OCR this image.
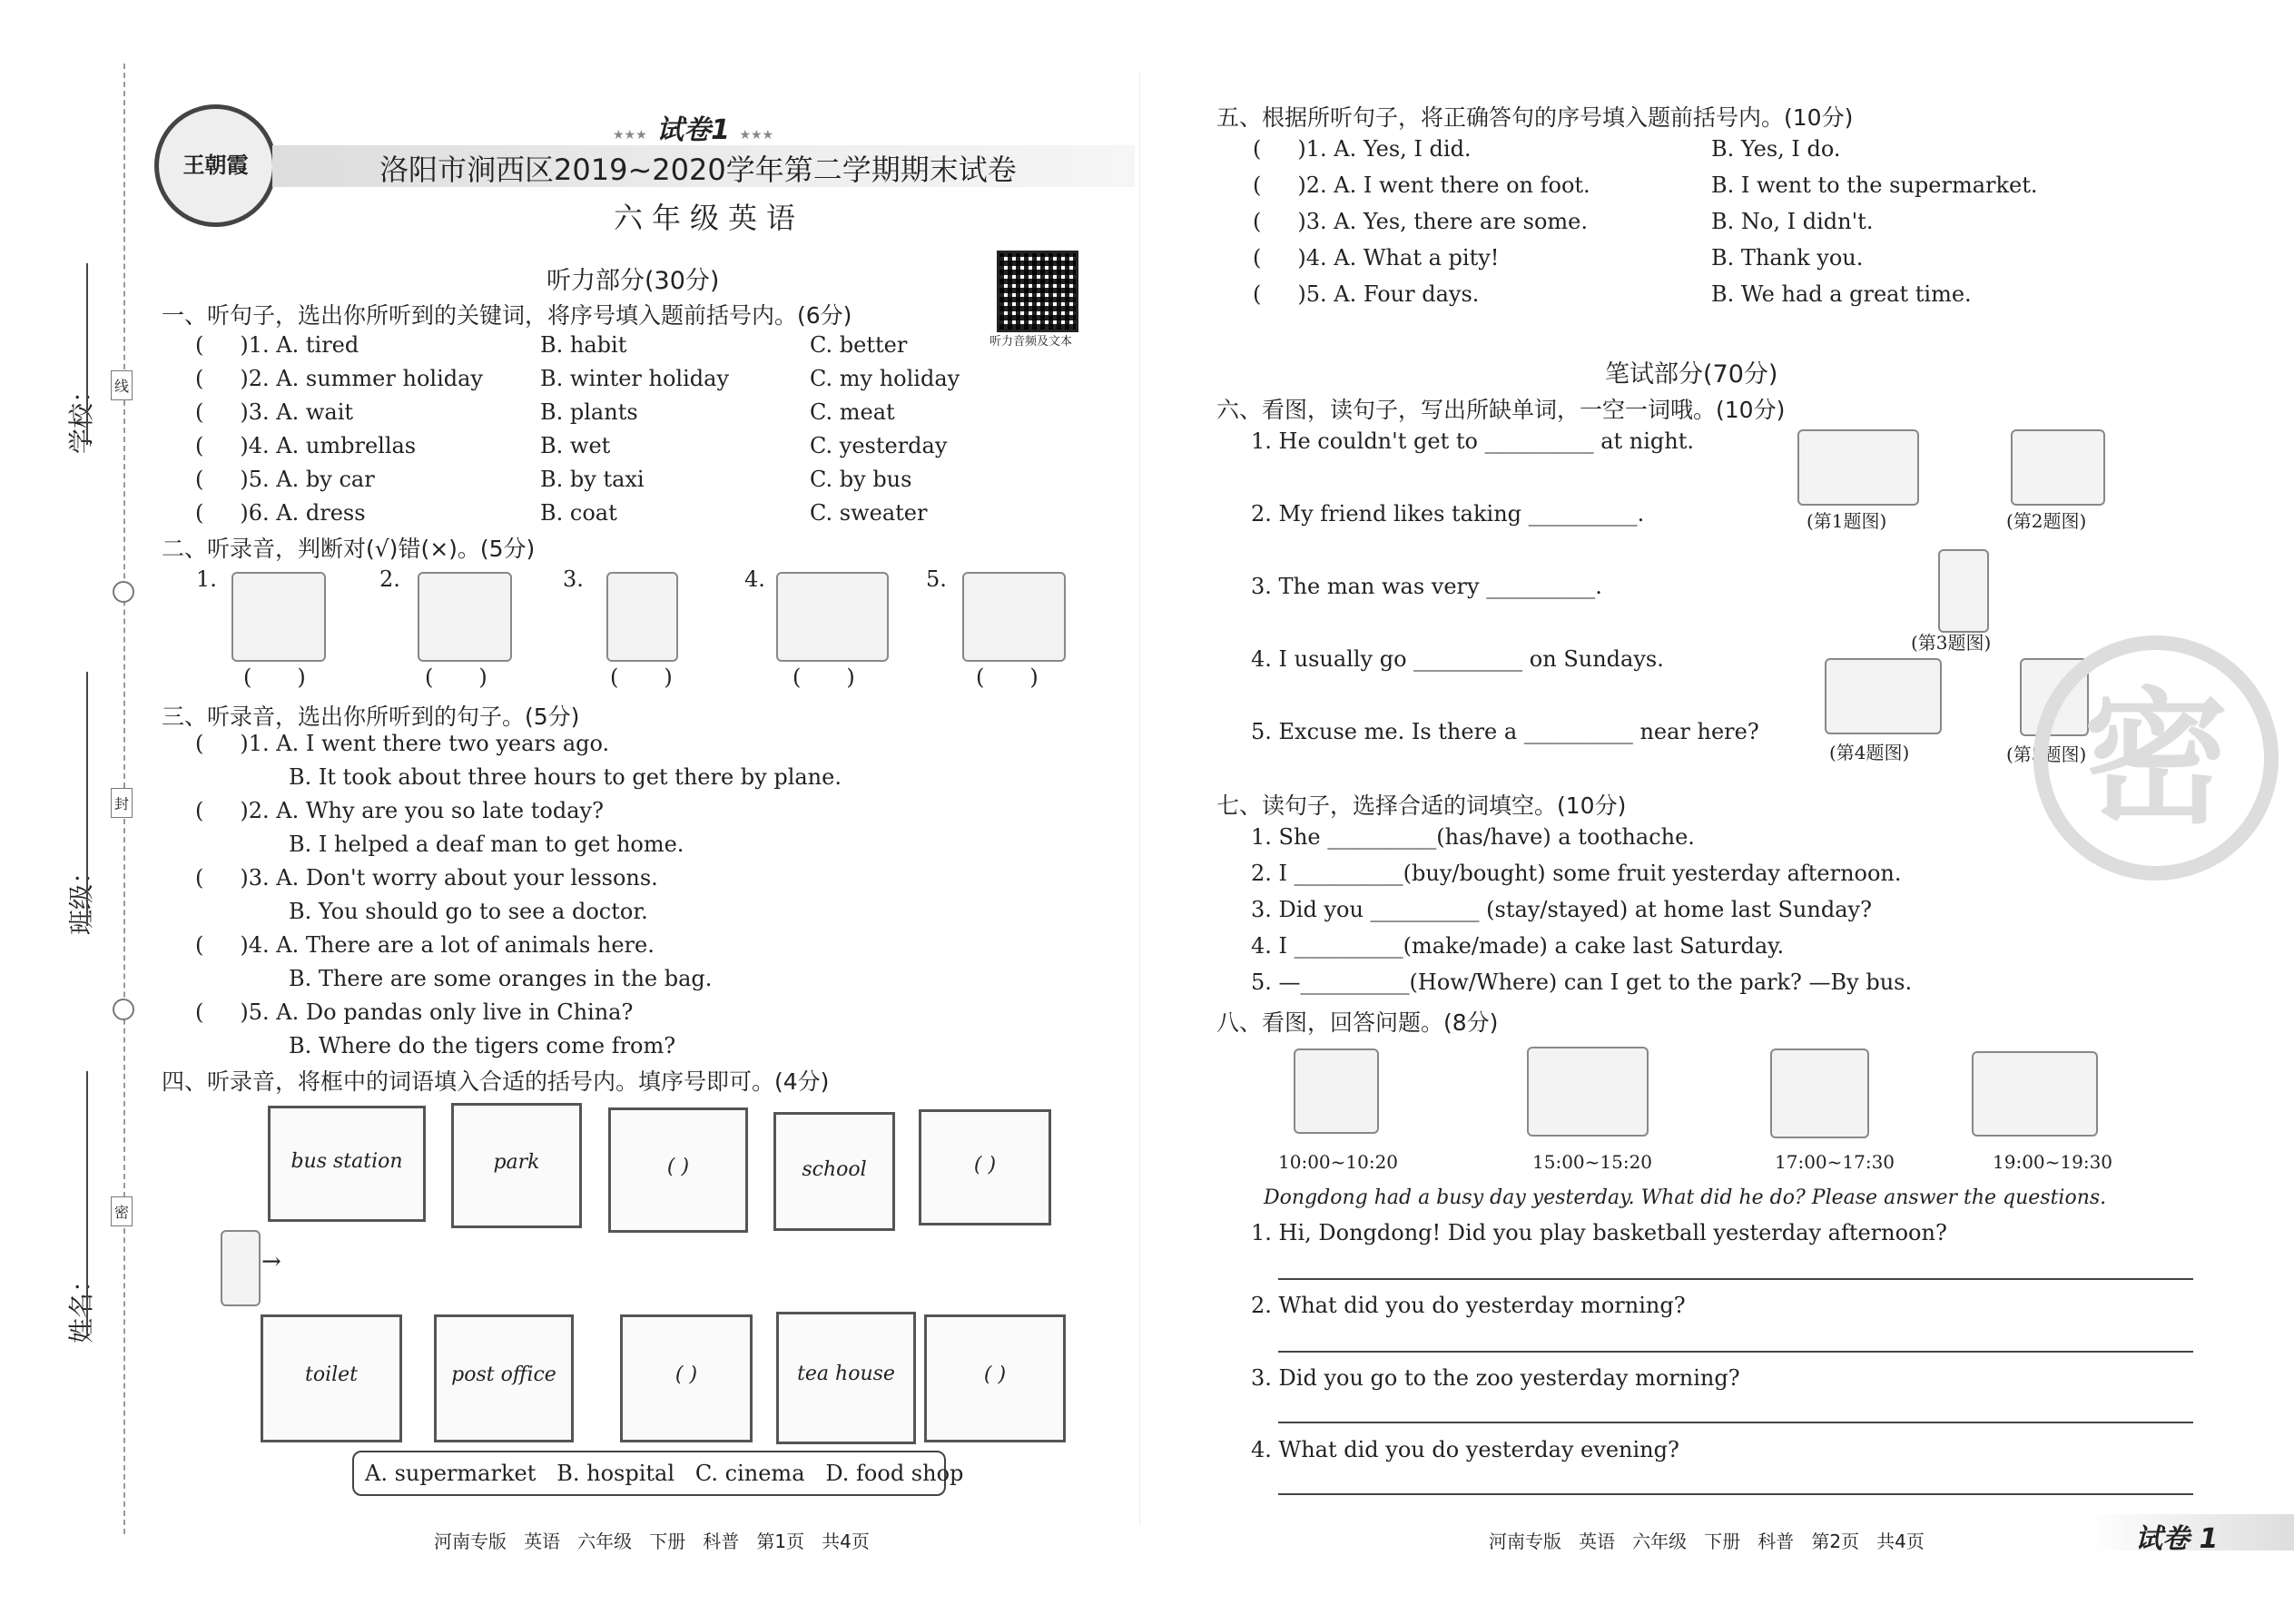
学校：
班级：
姓名：
线
封
密
王朝霞
★★★ 试卷1 ★★★
洛阳市涧西区2019~2020学年第二学期期末试卷
六年级英语
听力音频及文本
听力部分(30分)
一、听句子，选出你所听到的关键词，将序号填入题前括号内。(6分)
( )1. A. tired	B. habit	C. better
( )2. A. summer holiday	B. winter holiday	C. my holiday
( )3. A. wait	B. plants	C. meat
( )4. A. umbrellas	B. wet	C. yesterday
( )5. A. by car	B. by taxi	C. by bus
( )6. A. dress	B. coat	C. sweater
二、听录音，判断对(√)错(×)。(5分)
1.
( )
2.
( )
3.
( )
4.
( )
5.
( )
三、听录音，选出你所听到的句子。(5分)
( )1. A. I went there two years ago.
B. It took about three hours to get there by plane.
( )2. A. Why are you so late today?
B. I helped a deaf man to get home.
( )3. A. Don't worry about your lessons.
B. You should go to see a doctor.
( )4. A. There are a lot of animals here.
B. There are some oranges in the bag.
( )5. A. Do pandas only live in China?
B. Where do the tigers come from?
四、听录音，将框中的词语填入合适的括号内。填序号即可。(4分)
bus station	park	( )	school	( )
→
toilet	post office	( )	tea house	( )
A. supermarket   B. hospital   C. cinema   D. food shop
河南专版   英语   六年级   下册   科普   第1页   共4页
五、根据所听句子，将正确答句的序号填入题前括号内。(10分)
( )1. A. Yes, I did.	B. Yes, I do.
( )2. A. I went there on foot.	B. I went to the supermarket.
( )3. A. Yes, there are some.	B. No, I didn't.
( )4. A. What a pity!	B. Thank you.
( )5. A. Four days.	B. We had a great time.
笔试部分(70分)
六、看图，读句子，写出所缺单词，一空一词哦。(10分)
1. He couldn't get to __________ at night.
2. My friend likes taking __________.
3. The man was very __________.
4. I usually go __________ on Sundays.
5. Excuse me. Is there a __________ near here?
(第1题图)	(第2题图)
(第3题图)
(第4题图)	(第5题图)
密
七、读句子，选择合适的词填空。(10分)
1. She __________(has/have) a toothache.
2. I __________(buy/bought) some fruit yesterday afternoon.
3. Did you __________ (stay/stayed) at home last Sunday?
4. I __________(make/made) a cake last Saturday.
5. —__________(How/Where) can I get to the park? —By bus.
八、看图，回答问题。(8分)
10:00~10:20	15:00~15:20	17:00~17:30	19:00~19:30
Dongdong had a busy day yesterday. What did he do? Please answer the questions.
1. Hi, Dongdong! Did you play basketball yesterday afternoon?
2. What did you do yesterday morning?
3. Did you go to the zoo yesterday morning?
4. What did you do yesterday evening?
河南专版   英语   六年级   下册   科普   第2页   共4页	试卷 1
